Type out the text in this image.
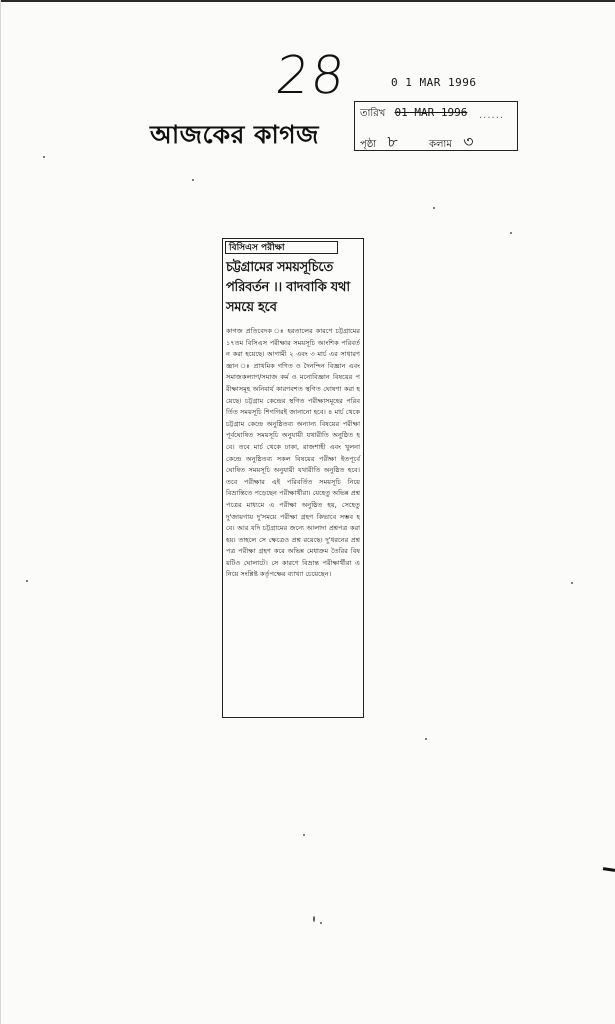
28	0 1 MAR 1996
আজকের কাগজ
তারিখ 01 MAR 1996 ......
পৃষ্ঠা ৮	কলাম ৩
বিসিএস পরীক্ষা
চট্টগ্রামের সময়সূচিতে পরিবর্তন ।। বাদবাকি যথা সময়ে হবে
কাগজ প্রতিবেদক ঃ হরতালের কারণে চট্টগ্রামের ১৭তম বিসিএস পরীক্ষার সময়সূচি আংশিক পরিবর্তন করা হয়েছে। আগামী ২ এবং ৩ মার্চ এর সাধারণ জ্ঞান ঃ প্রাথমিক গণিত ও দৈনন্দিন বিজ্ঞান এবং সমাজকল্যাণ/সমাজ কর্ম ও মনোবিজ্ঞান বিষয়ের পরীক্ষাসমূহ অনিবার্য কারণবশত স্থগিত ঘোষণা করা হয়েছে। চট্টগ্রাম কেন্দ্রের স্থগিত পরীক্ষাসমূহের পরিবর্তিত সময়সূচি শিগগিরই জানানো হবে। ৪ মার্চ থেকে চট্টগ্রাম কেন্দ্রে অনুষ্ঠিতব্য অন্যান্য বিষয়ের পরীক্ষা পূর্বঘোষিত সময়সূচি অনুযায়ী যথারীতি অনুষ্ঠিত হবে। তবে মার্চ থেকে ঢাকা, রাজশাহী এবং খুলনা কেন্দ্রে অনুষ্ঠিতব্য সকল বিষয়ের পরীক্ষা ইতপূর্বে ঘোষিত সময়সূচি অনুযায়ী যথারীতি অনুষ্ঠিত হবে। তবে পরীক্ষার এই পরিবর্তিত সময়সূচি নিয়ে বিভ্রান্তিতে পড়েছেন পরীক্ষার্থীরা। যেহেতু অভিন্ন প্রশ্নপত্রের মাধ্যমে এ পরীক্ষা অনুষ্ঠিত হয়, সেহেতু দু'জায়গায় দু'সময়ে পরীক্ষা গ্রহণ কিভাবে সম্ভব হবে। আর যদি চট্টগ্রামের জন্যে আলাদা প্রশ্নপত্র করা হয়। তাহলে সে ক্ষেত্রেও প্রশ্ন রয়েছে। দু'ধরনের প্রশ্নপত্র পরীক্ষা গ্রহণ করে অভিন্ন মেধাক্রম তৈরির বিষয়টিও ঘোলাটে। সে কারণে বিভ্রান্ত পরীক্ষার্থীরা এ নিয়ে সংশ্লিষ্ট কর্তৃপক্ষের ব্যাখ্যা চেয়েছেন।
